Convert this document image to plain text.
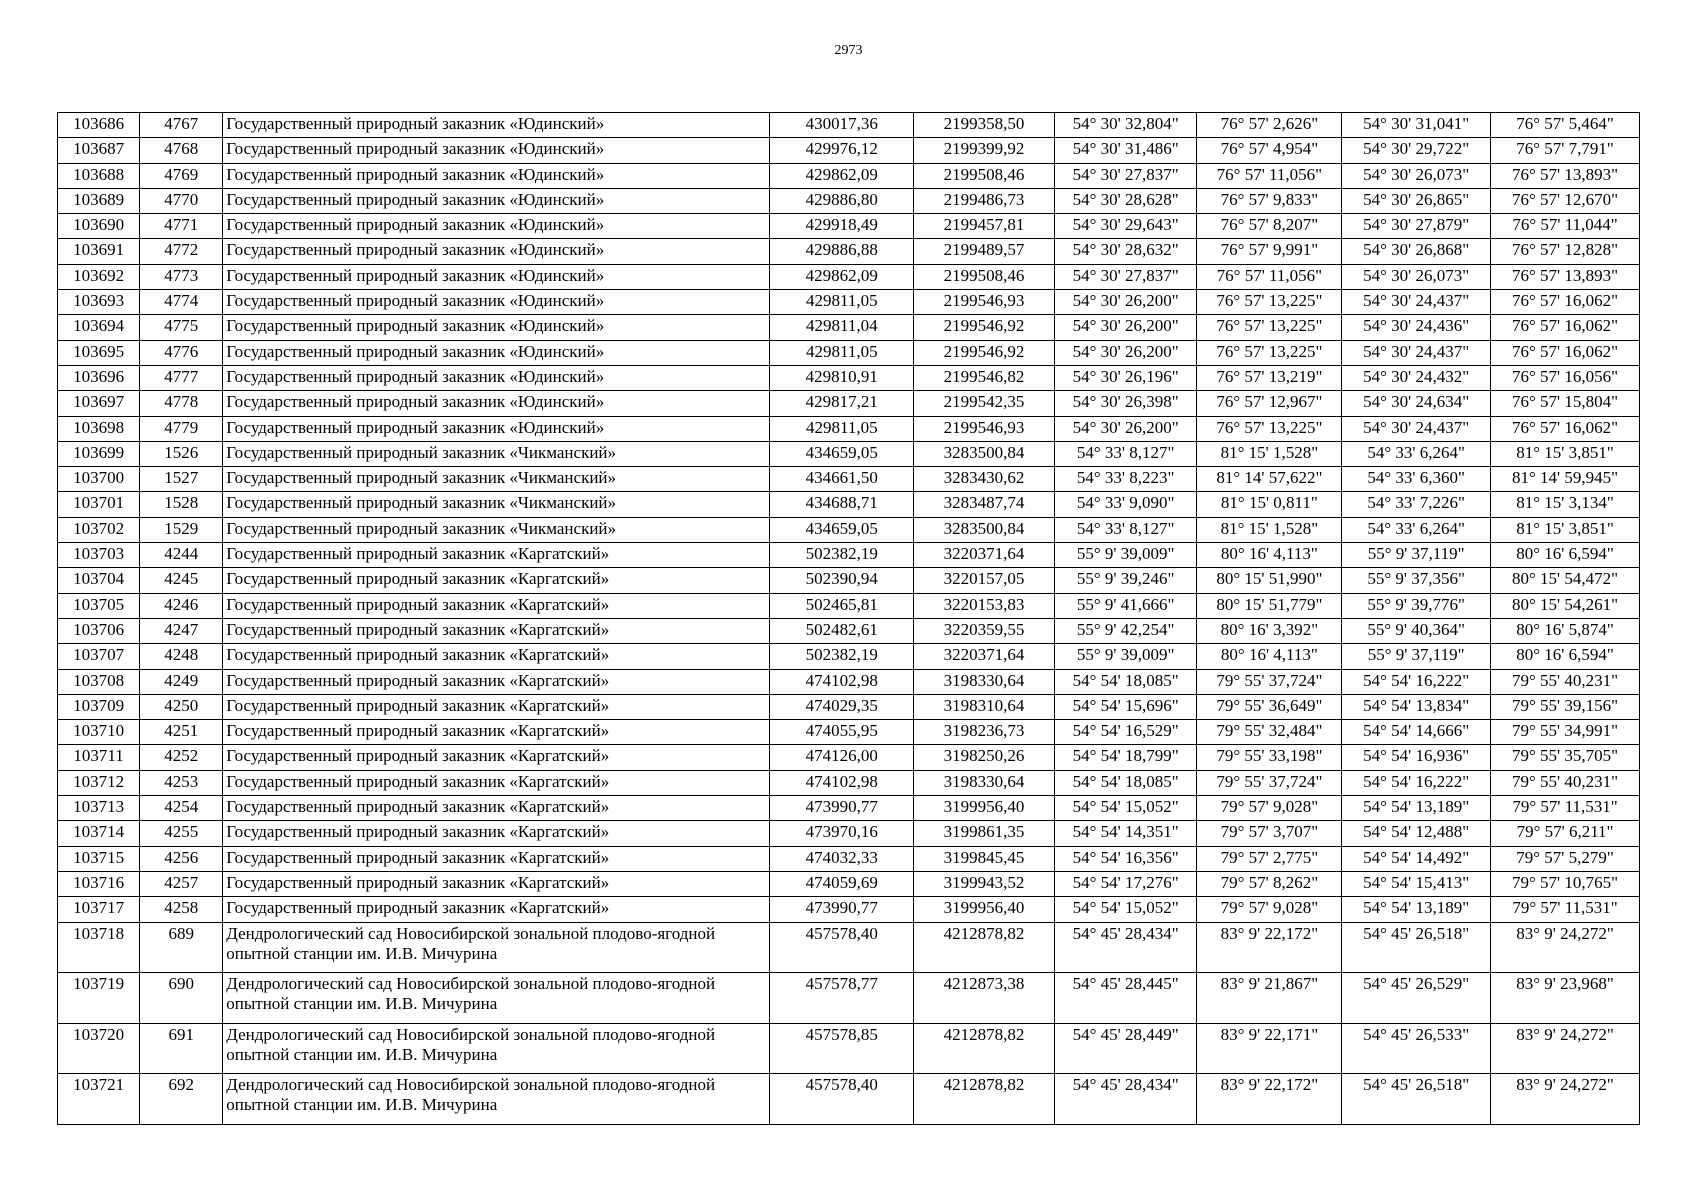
2973
103686	4767	Государственный природный заказник «Юдинский»	430017,36	2199358,50	54° 30' 32,804"	76° 57' 2,626"	54° 30' 31,041"	76° 57' 5,464"
103687	4768	Государственный природный заказник «Юдинский»	429976,12	2199399,92	54° 30' 31,486"	76° 57' 4,954"	54° 30' 29,722"	76° 57' 7,791"
103688	4769	Государственный природный заказник «Юдинский»	429862,09	2199508,46	54° 30' 27,837"	76° 57' 11,056"	54° 30' 26,073"	76° 57' 13,893"
103689	4770	Государственный природный заказник «Юдинский»	429886,80	2199486,73	54° 30' 28,628"	76° 57' 9,833"	54° 30' 26,865"	76° 57' 12,670"
103690	4771	Государственный природный заказник «Юдинский»	429918,49	2199457,81	54° 30' 29,643"	76° 57' 8,207"	54° 30' 27,879"	76° 57' 11,044"
103691	4772	Государственный природный заказник «Юдинский»	429886,88	2199489,57	54° 30' 28,632"	76° 57' 9,991"	54° 30' 26,868"	76° 57' 12,828"
103692	4773	Государственный природный заказник «Юдинский»	429862,09	2199508,46	54° 30' 27,837"	76° 57' 11,056"	54° 30' 26,073"	76° 57' 13,893"
103693	4774	Государственный природный заказник «Юдинский»	429811,05	2199546,93	54° 30' 26,200"	76° 57' 13,225"	54° 30' 24,437"	76° 57' 16,062"
103694	4775	Государственный природный заказник «Юдинский»	429811,04	2199546,92	54° 30' 26,200"	76° 57' 13,225"	54° 30' 24,436"	76° 57' 16,062"
103695	4776	Государственный природный заказник «Юдинский»	429811,05	2199546,92	54° 30' 26,200"	76° 57' 13,225"	54° 30' 24,437"	76° 57' 16,062"
103696	4777	Государственный природный заказник «Юдинский»	429810,91	2199546,82	54° 30' 26,196"	76° 57' 13,219"	54° 30' 24,432"	76° 57' 16,056"
103697	4778	Государственный природный заказник «Юдинский»	429817,21	2199542,35	54° 30' 26,398"	76° 57' 12,967"	54° 30' 24,634"	76° 57' 15,804"
103698	4779	Государственный природный заказник «Юдинский»	429811,05	2199546,93	54° 30' 26,200"	76° 57' 13,225"	54° 30' 24,437"	76° 57' 16,062"
103699	1526	Государственный природный заказник «Чикманский»	434659,05	3283500,84	54° 33' 8,127"	81° 15' 1,528"	54° 33' 6,264"	81° 15' 3,851"
103700	1527	Государственный природный заказник «Чикманский»	434661,50	3283430,62	54° 33' 8,223"	81° 14' 57,622"	54° 33' 6,360"	81° 14' 59,945"
103701	1528	Государственный природный заказник «Чикманский»	434688,71	3283487,74	54° 33' 9,090"	81° 15' 0,811"	54° 33' 7,226"	81° 15' 3,134"
103702	1529	Государственный природный заказник «Чикманский»	434659,05	3283500,84	54° 33' 8,127"	81° 15' 1,528"	54° 33' 6,264"	81° 15' 3,851"
103703	4244	Государственный природный заказник «Каргатский»	502382,19	3220371,64	55° 9' 39,009"	80° 16' 4,113"	55° 9' 37,119"	80° 16' 6,594"
103704	4245	Государственный природный заказник «Каргатский»	502390,94	3220157,05	55° 9' 39,246"	80° 15' 51,990"	55° 9' 37,356"	80° 15' 54,472"
103705	4246	Государственный природный заказник «Каргатский»	502465,81	3220153,83	55° 9' 41,666"	80° 15' 51,779"	55° 9' 39,776"	80° 15' 54,261"
103706	4247	Государственный природный заказник «Каргатский»	502482,61	3220359,55	55° 9' 42,254"	80° 16' 3,392"	55° 9' 40,364"	80° 16' 5,874"
103707	4248	Государственный природный заказник «Каргатский»	502382,19	3220371,64	55° 9' 39,009"	80° 16' 4,113"	55° 9' 37,119"	80° 16' 6,594"
103708	4249	Государственный природный заказник «Каргатский»	474102,98	3198330,64	54° 54' 18,085"	79° 55' 37,724"	54° 54' 16,222"	79° 55' 40,231"
103709	4250	Государственный природный заказник «Каргатский»	474029,35	3198310,64	54° 54' 15,696"	79° 55' 36,649"	54° 54' 13,834"	79° 55' 39,156"
103710	4251	Государственный природный заказник «Каргатский»	474055,95	3198236,73	54° 54' 16,529"	79° 55' 32,484"	54° 54' 14,666"	79° 55' 34,991"
103711	4252	Государственный природный заказник «Каргатский»	474126,00	3198250,26	54° 54' 18,799"	79° 55' 33,198"	54° 54' 16,936"	79° 55' 35,705"
103712	4253	Государственный природный заказник «Каргатский»	474102,98	3198330,64	54° 54' 18,085"	79° 55' 37,724"	54° 54' 16,222"	79° 55' 40,231"
103713	4254	Государственный природный заказник «Каргатский»	473990,77	3199956,40	54° 54' 15,052"	79° 57' 9,028"	54° 54' 13,189"	79° 57' 11,531"
103714	4255	Государственный природный заказник «Каргатский»	473970,16	3199861,35	54° 54' 14,351"	79° 57' 3,707"	54° 54' 12,488"	79° 57' 6,211"
103715	4256	Государственный природный заказник «Каргатский»	474032,33	3199845,45	54° 54' 16,356"	79° 57' 2,775"	54° 54' 14,492"	79° 57' 5,279"
103716	4257	Государственный природный заказник «Каргатский»	474059,69	3199943,52	54° 54' 17,276"	79° 57' 8,262"	54° 54' 15,413"	79° 57' 10,765"
103717	4258	Государственный природный заказник «Каргатский»	473990,77	3199956,40	54° 54' 15,052"	79° 57' 9,028"	54° 54' 13,189"	79° 57' 11,531"
103718	689	Дендрологический сад Новосибирской зональной плодово-ягодной опытной станции им. И.В. Мичурина	457578,40	4212878,82	54° 45' 28,434"	83° 9' 22,172"	54° 45' 26,518"	83° 9' 24,272"
103719	690	Дендрологический сад Новосибирской зональной плодово-ягодной опытной станции им. И.В. Мичурина	457578,77	4212873,38	54° 45' 28,445"	83° 9' 21,867"	54° 45' 26,529"	83° 9' 23,968"
103720	691	Дендрологический сад Новосибирской зональной плодово-ягодной опытной станции им. И.В. Мичурина	457578,85	4212878,82	54° 45' 28,449"	83° 9' 22,171"	54° 45' 26,533"	83° 9' 24,272"
103721	692	Дендрологический сад Новосибирской зональной плодово-ягодной опытной станции им. И.В. Мичурина	457578,40	4212878,82	54° 45' 28,434"	83° 9' 22,172"	54° 45' 26,518"	83° 9' 24,272"
